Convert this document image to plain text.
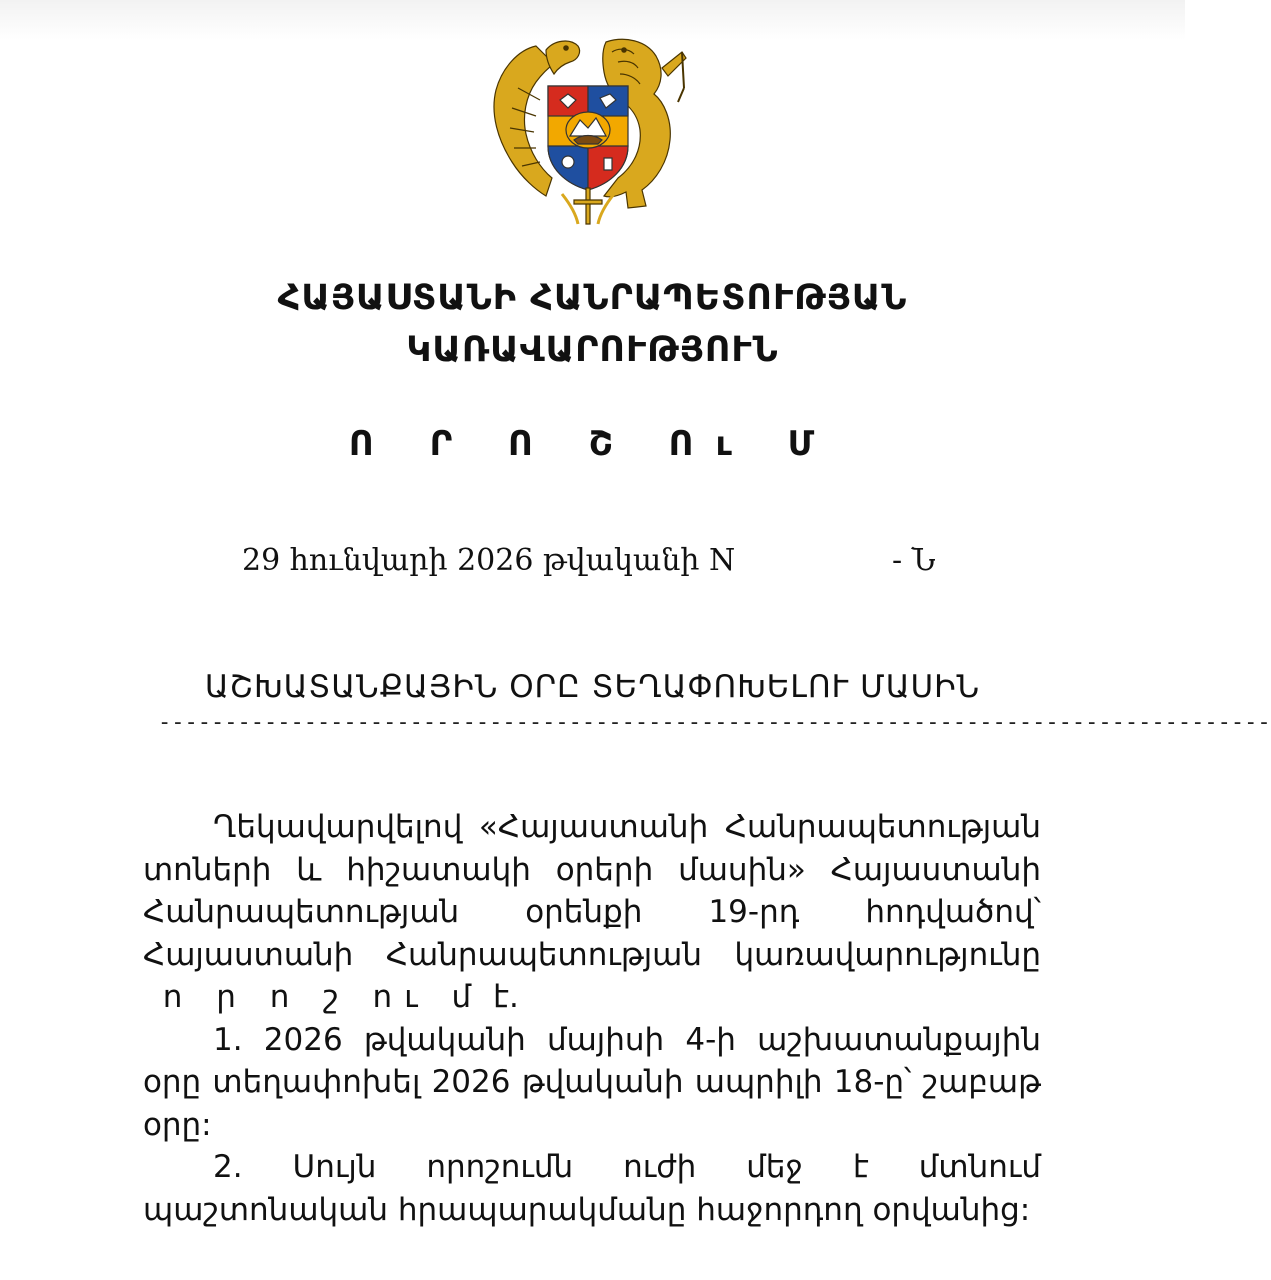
ՀԱՅԱՍՏԱՆԻ ՀԱՆՐԱՊԵՏՈՒԹՅԱՆ
ԿԱՌԱՎԱՐՈՒԹՅՈՒՆ
Ո Ր Ո Շ Ու Մ
29 հունվարի 2026 թվականի N	- Ն
ԱՇԽԱՏԱՆՔԱՅԻՆ ՕՐԸ ՏԵՂԱՓՈԽԵԼՈՒ ՄԱՍԻՆ
------------------------------------------------------------------------------------

Ղեկավարվելով «Հայաստանի Հանրապետության տոների և հիշատակի օրերի մասին» Հայաստանի Հանրապետության օրենքի 19-րդ հոդվածով՝ Հայաստանի Հանրապետության կառավարությունը   ո ր ո շ ու մ է.

1. 2026 թվականի մայիսի 4-ի աշխատանքային օրը տեղափոխել 2026 թվականի ապրիլի 18-ը՝ շաբաթ օրը:

2. Սույն որոշումն ուժի մեջ է մտնում պաշտոնական հրապարակմանը հաջորդող օրվանից:
